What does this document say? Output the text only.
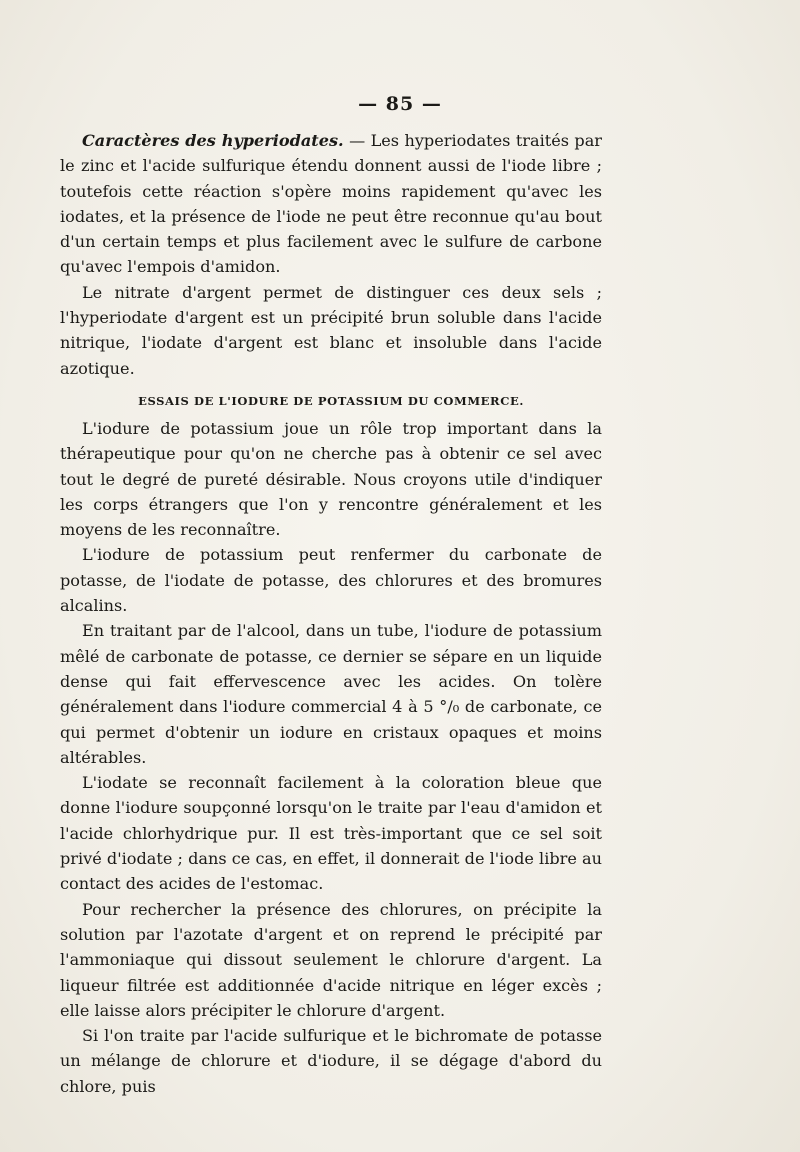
— 85 —

Caractères des hyperiodates. — Les hyperiodates traités par le zinc et l'acide sulfurique étendu donnent aussi de l'iode libre ; toutefois cette réaction s'opère moins rapidement qu'avec les iodates, et la présence de l'iode ne peut être reconnue qu'au bout d'un certain temps et plus facilement avec le sulfure de carbone qu'avec l'empois d'amidon.

Le nitrate d'argent permet de distinguer ces deux sels ; l'hyperiodate d'argent est un précipité brun soluble dans l'acide nitrique, l'iodate d'argent est blanc et insoluble dans l'acide azotique.

ESSAIS DE L'IODURE DE POTASSIUM DU COMMERCE.

L'iodure de potassium joue un rôle trop important dans la thérapeutique pour qu'on ne cherche pas à obtenir ce sel avec tout le degré de pureté désirable. Nous croyons utile d'indiquer les corps étrangers que l'on y rencontre généralement et les moyens de les reconnaître.

L'iodure de potassium peut renfermer du carbonate de potasse, de l'iodate de potasse, des chlorures et des bromures alcalins.

En traitant par de l'alcool, dans un tube, l'iodure de potassium mêlé de carbonate de potasse, ce dernier se sépare en un liquide dense qui fait effervescence avec les acides. On tolère généralement dans l'iodure commercial 4 à 5 °/₀ de carbonate, ce qui permet d'obtenir un iodure en cristaux opaques et moins altérables.

L'iodate se reconnaît facilement à la coloration bleue que donne l'iodure soupçonné lorsqu'on le traite par l'eau d'amidon et l'acide chlorhydrique pur. Il est très-important que ce sel soit privé d'iodate ; dans ce cas, en effet, il donnerait de l'iode libre au contact des acides de l'estomac.

Pour rechercher la présence des chlorures, on précipite la solution par l'azotate d'argent et on reprend le précipité par l'ammoniaque qui dissout seulement le chlorure d'argent. La liqueur filtrée est additionnée d'acide nitrique en léger excès ; elle laisse alors précipiter le chlorure d'argent.

Si l'on traite par l'acide sulfurique et le bichromate de potasse un mélange de chlorure et d'iodure, il se dégage d'abord du chlore, puis
